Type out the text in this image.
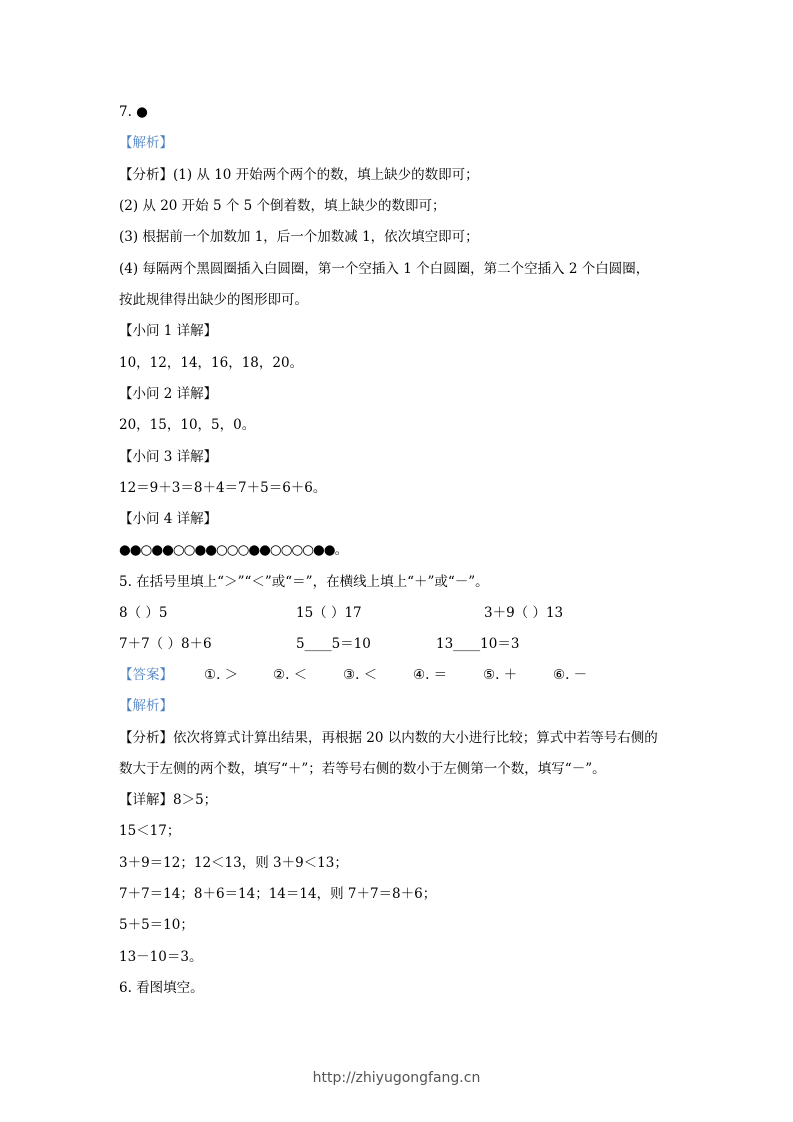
7. ●
【解析】
【分析】(1) 从 10 开始两个两个的数，填上缺少的数即可；
(2) 从 20 开始 5 个 5 个倒着数，填上缺少的数即可；
(3) 根据前一个加数加 1，后一个加数减 1，依次填空即可；
(4) 每隔两个黑圆圈插入白圆圈，第一个空插入 1 个白圆圈，第二个空插入 2 个白圆圈，
按此规律得出缺少的图形即可。
【小问 1 详解】
10，12，14，16，18，20。
【小问 2 详解】
20，15，10，5，0。
【小问 3 详解】
12＝9＋3＝8＋4＝7＋5＝6＋6。
【小问 4 详解】
●●○●●○○●●○○○●●○○○○●●。
5. 在括号里填上“＞”“＜”或“＝”，在横线上填上“＋”或“－”。
8（ ）5	15（ ）17	3＋9（ ）13
7＋7（ ）8＋6	5____5＝10	13____10＝3
【答案】 ①. ＞	②. ＜	③. ＜	④. ＝	⑤. ＋	⑥. －
【解析】
【分析】依次将算式计算出结果，再根据 20 以内数的大小进行比较；算式中若等号右侧的
数大于左侧的两个数，填写“＋”；若等号右侧的数小于左侧第一个数，填写“－”。
【详解】8＞5；
15＜17；
3＋9＝12；12＜13，则 3＋9＜13；
7＋7＝14；8＋6＝14；14＝14，则 7＋7＝8＋6；
5＋5＝10；
13－10＝3。
6. 看图填空。
http://zhiyugongfang.cn
